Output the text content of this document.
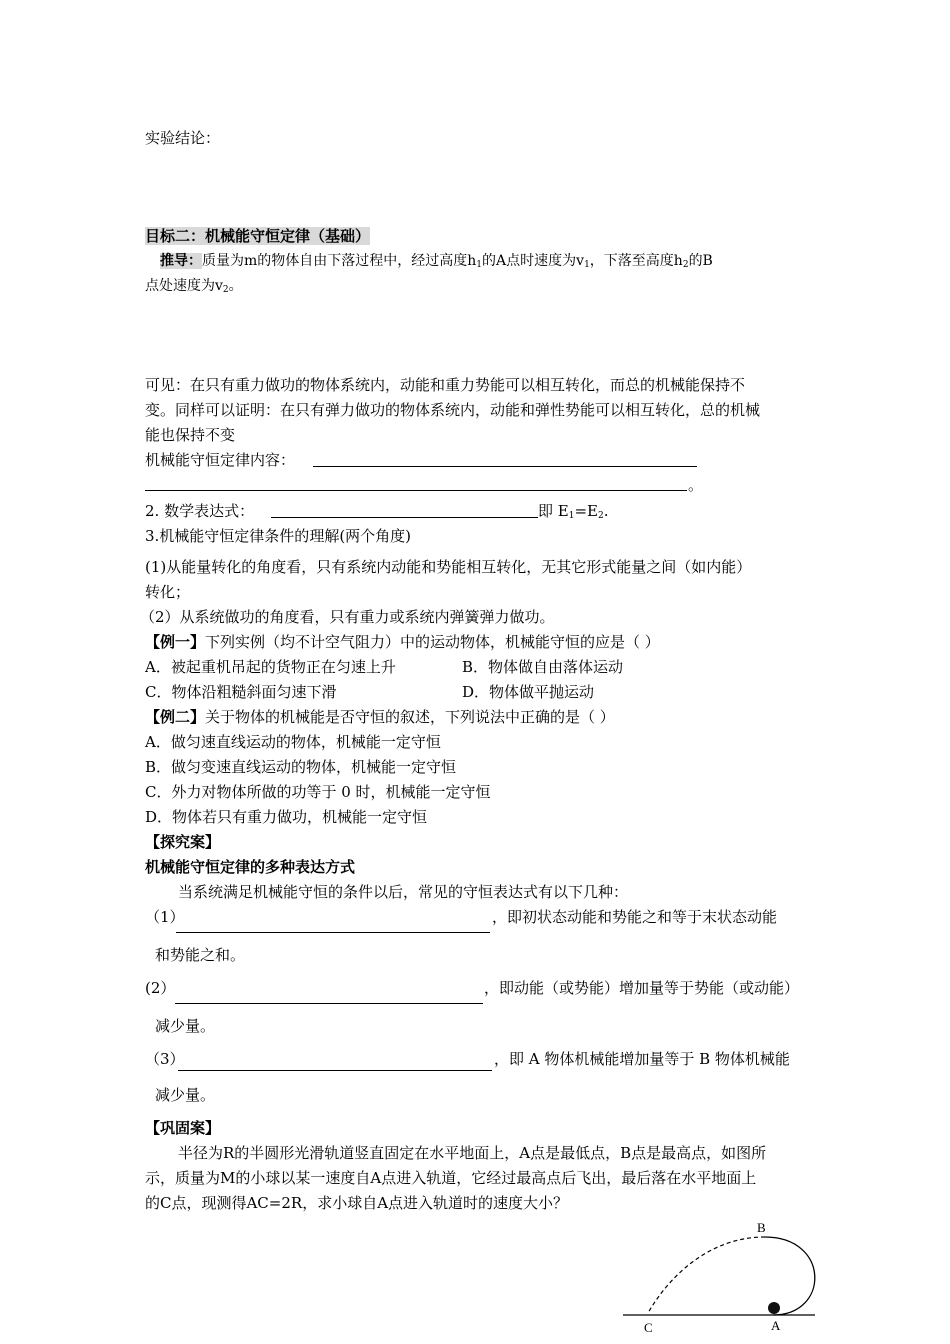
实验结论：
目标二：机械能守恒定律（基础）
推导：质量为m的物体自由下落过程中，经过高度$h_1$的A点时速度为$v_1$，下落至高度$h_2$的B
点处速度为$v_2$。
可见：在只有重力做功的物体系统内，动能和重力势能可以相互转化，而总的机械能保持不
变。同样可以证明：在只有弹力做功的物体系统内，动能和弹性势能可以相互转化，总的机械
能也保持不变
机械能守恒定律内容：
。
2. 数学表达式：	即 $E_1=E_2$.
3.机械能守恒定律条件的理解(两个角度)
(1)从能量转化的角度看，只有系统内动能和势能相互转化，无其它形式能量之间（如内能）
转化；
（2）从系统做功的角度看，只有重力或系统内弹簧弹力做功。
【例一】下列实例（均不计空气阻力）中的运动物体，机械能守恒的应是（ ）
A．被起重机吊起的货物正在匀速上升	B．物体做自由落体运动
C．物体沿粗糙斜面匀速下滑	D．物体做平抛运动
【例二】关于物体的机械能是否守恒的叙述，下列说法中正确的是（ ）
A．做匀速直线运动的物体，机械能一定守恒
B．做匀变速直线运动的物体，机械能一定守恒
C．外力对物体所做的功等于 0 时，机械能一定守恒
D．物体若只有重力做功，机械能一定守恒
【探究案】
机械能守恒定律的多种表达方式
当系统满足机械能守恒的条件以后，常见的守恒表达式有以下几种：
（1）	，即初状态动能和势能之和等于末状态动能
和势能之和。
(2）	，即动能（或势能）增加量等于势能（或动能）
减少量。
（3）	，即 A 物体机械能增加量等于 B 物体机械能
减少量。
【巩固案】
半径为R的半圆形光滑轨道竖直固定在水平地面上，A点是最低点，B点是最高点，如图所
示，质量为M的小球以某一速度自A点进入轨道，它经过最高点后飞出，最后落在水平地面上
的C点，现测得AC=2R，求小球自A点进入轨道时的速度大小？
B
C	A
